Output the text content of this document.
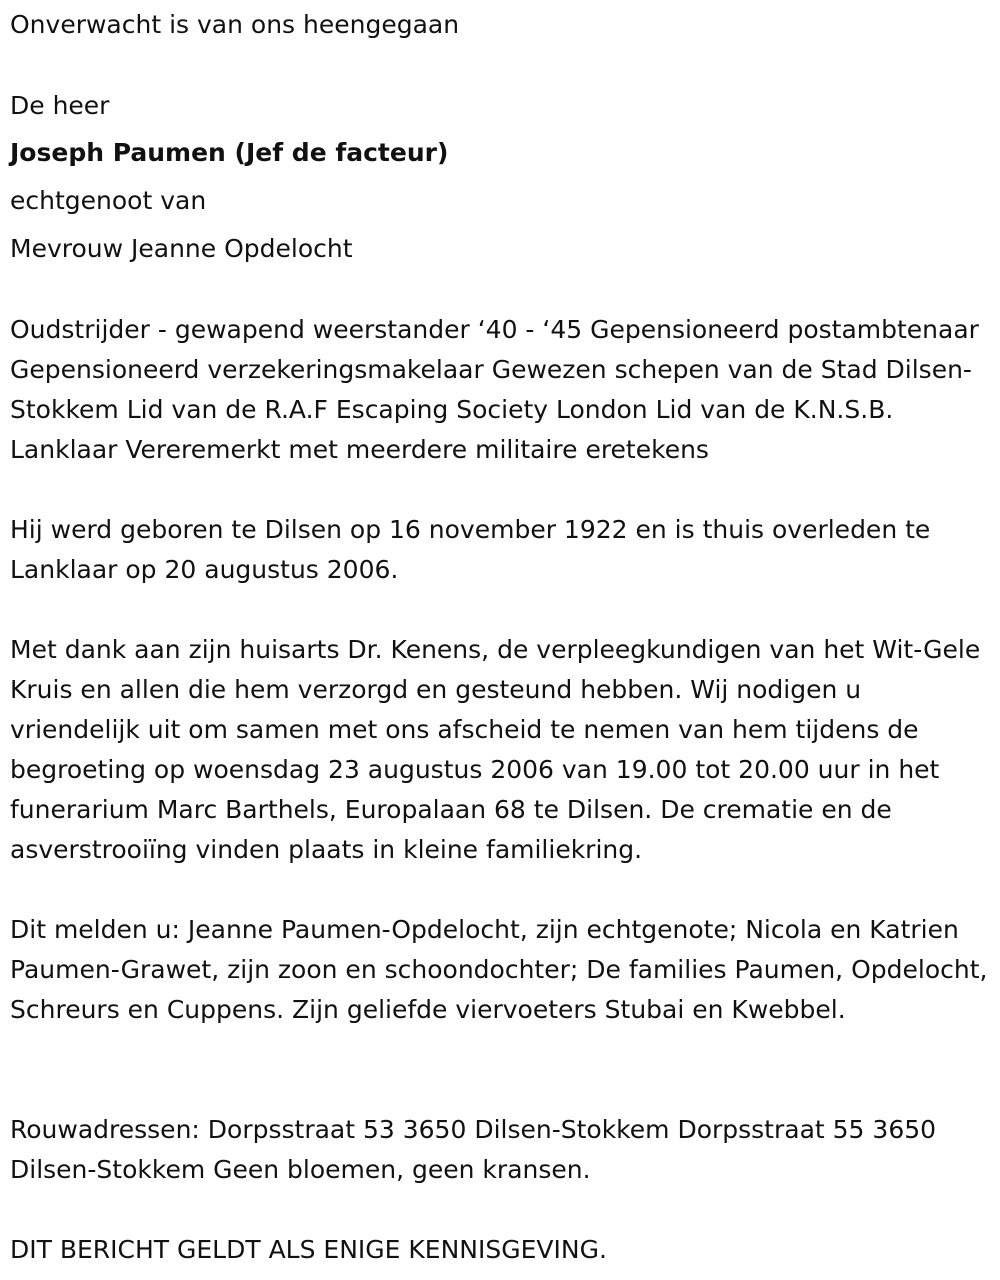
Onverwacht is van ons heengegaan

De heer

Joseph Paumen (Jef de facteur)

echtgenoot van

Mevrouw Jeanne Opdelocht

Oudstrijder - gewapend weerstander ‘40 - ‘45 Gepensioneerd postambtenaar Gepensioneerd verzekeringsmakelaar Gewezen schepen van de Stad Dilsen-Stokkem Lid van de R.A.F Escaping Society London Lid van de K.N.S.B. Lanklaar Vereremerkt met meerdere militaire eretekens

Hij werd geboren te Dilsen op 16 november 1922 en is thuis overleden te Lanklaar op 20 augustus 2006.

Met dank aan zijn huisarts Dr. Kenens, de verpleegkundigen van het Wit-Gele Kruis en allen die hem verzorgd en gesteund hebben. Wij nodigen u vriendelijk uit om samen met ons afscheid te nemen van hem tijdens de begroeting op woensdag 23 augustus 2006 van 19.00 tot 20.00 uur in het funerarium Marc Barthels, Europalaan 68 te Dilsen. De crematie en de asverstrooiïng vinden plaats in kleine familiekring.

Dit melden u: Jeanne Paumen-Opdelocht, zijn echtgenote; Nicola en Katrien Paumen-Grawet, zijn zoon en schoondochter; De families Paumen, Opdelocht, Schreurs en Cuppens. Zijn geliefde viervoeters Stubai en Kwebbel.

Rouwadressen: Dorpsstraat 53 3650 Dilsen-Stokkem Dorpsstraat 55 3650 Dilsen-Stokkem Geen bloemen, geen kransen.

DIT BERICHT GELDT ALS ENIGE KENNISGEVING.
